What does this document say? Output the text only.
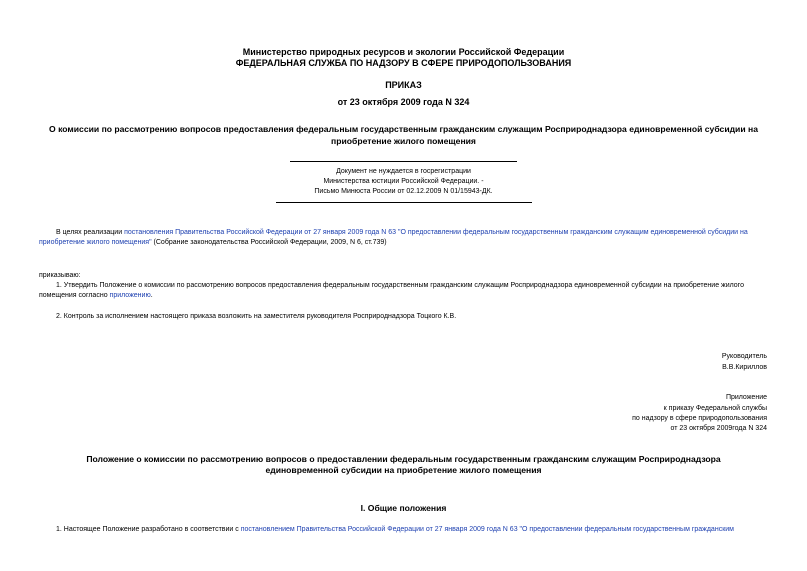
Министерство природных ресурсов и экологии Российской Федерации
ФЕДЕРАЛЬНАЯ СЛУЖБА ПО НАДЗОРУ В СФЕРЕ ПРИРОДОПОЛЬЗОВАНИЯ
ПРИКАЗ
от 23 октября 2009 года N 324
О комиссии по рассмотрению вопросов предоставления федеральным государственным гражданским служащим Росприроднадзора единовременной субсидии на
приобретение жилого помещения
Документ не нуждается в госрегистрации
Министерства юстиции Российской Федерации. -
Письмо Минюста России от 02.12.2009 N 01/15943-ДК.
В целях реализации постановления Правительства Российской Федерации от 27 января 2009 года N 63 "О предоставлении федеральным государственным гражданским служащим единовременной субсидии на
приобретение жилого помещения" (Собрание законодательства Российской Федерации, 2009, N 6, ст.739)
приказываю:
1. Утвердить Положение о комиссии по рассмотрению вопросов предоставления федеральным государственным гражданским служащим Росприроднадзора единовременной субсидии на приобретение жилого
помещения согласно приложению.
2. Контроль за исполнением настоящего приказа возложить на заместителя руководителя Росприроднадзора Тоцкого К.В.
Руководитель
В.В.Кириллов
Приложение
к приказу Федеральной службы
по надзору в сфере природопользования
от 23 октября 2009года N 324
Положение о комиссии по рассмотрению вопросов о предоставлении федеральным государственным гражданским служащим Росприроднадзора
единовременной субсидии на приобретение жилого помещения
I. Общие положения
1. Настоящее Положение разработано в соответствии с постановлением Правительства Российской Федерации от 27 января 2009 года N 63 "О предоставлении федеральным государственным гражданским
